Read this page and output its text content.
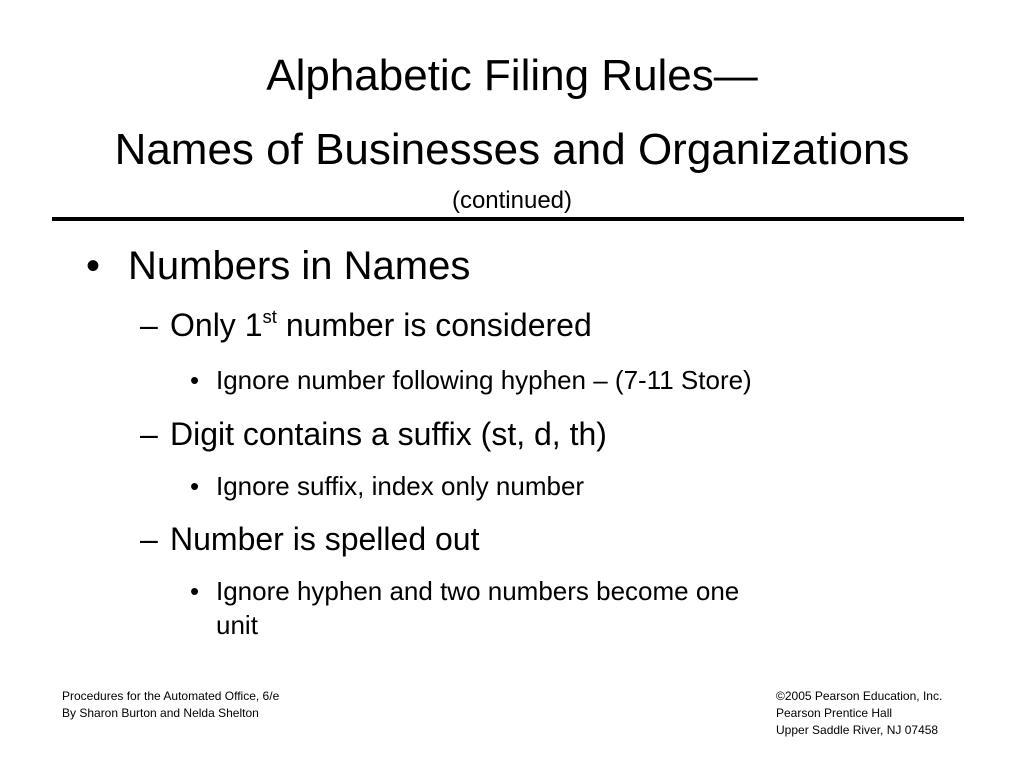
Alphabetic Filing Rules—
Names of Businesses and Organizations
(continued)
• Numbers in Names
– Only 1st number is considered
• Ignore number following hyphen – (7-11 Store)
– Digit contains a suffix (st, d, th)
• Ignore suffix, index only number
– Number is spelled out
• Ignore hyphen and two numbers become one
unit
Procedures for the Automated Office, 6/e
By Sharon Burton and Nelda Shelton
©2005 Pearson Education, Inc.
Pearson Prentice Hall
Upper Saddle River, NJ 07458
